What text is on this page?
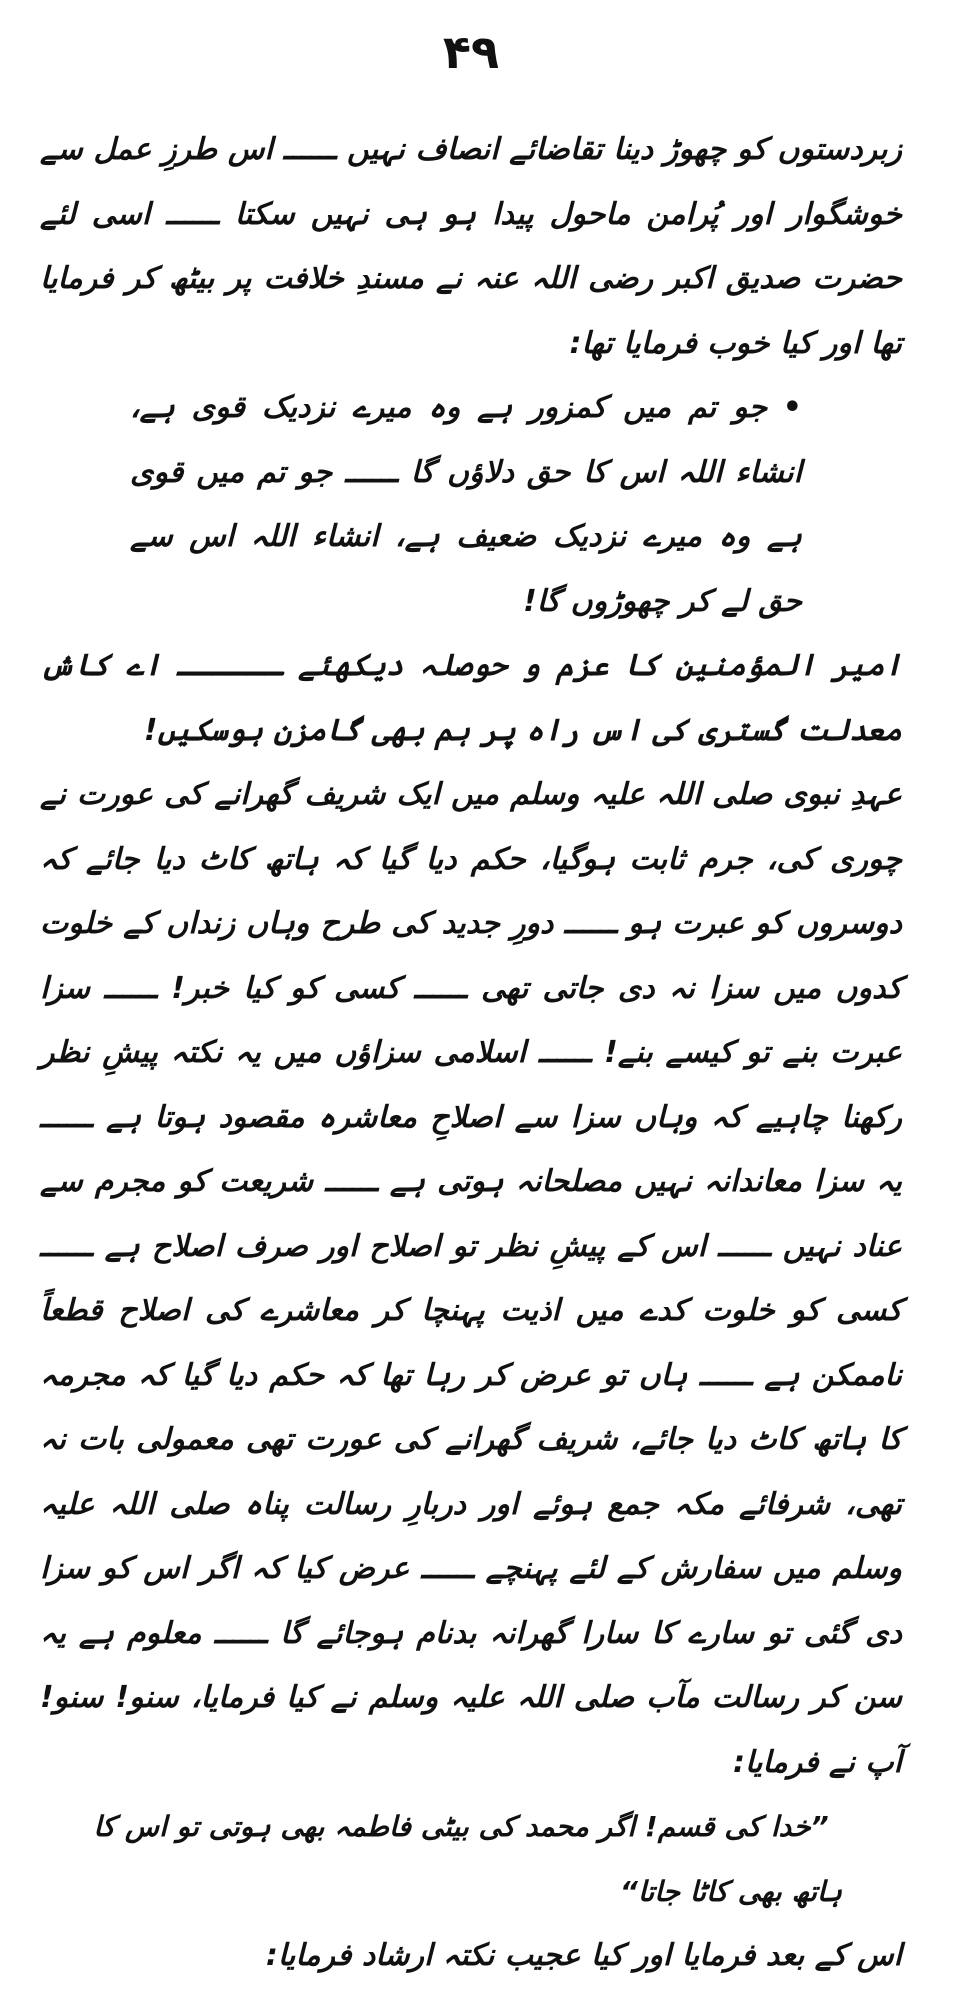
۴۹

زبردستوں کو چھوڑ دینا تقاضائے انصاف نہیں ــــــ اس طرزِ عمل سے خوشگوار اور پُرامن ماحول پیدا ہو ہی نہیں سکتا ــــــ اسی لئے حضرت صدیق اکبر رضی اللہ عنہ نے مسندِ خلافت پر بیٹھ کر فرمایا تھا اور کیا خوب فرمایا تھا:

• جو تم میں کمزور ہے وہ میرے نزدیک قوی ہے، انشاء اللہ اس کا حق دلاؤں گا ــــــ جو تم میں قوی ہے وہ میرے نزدیک ضعیف ہے، انشاء اللہ اس سے حق لے کر چھوڑوں گا!

امیر المؤمنین کا عزم و حوصلہ دیکھئے ــــــ اے کاش معدلت گستری کی اس راہ پر ہم بھی گامزن ہوسکیں!

عہدِ نبوی صلی اللہ علیہ وسلم میں ایک شریف گھرانے کی عورت نے چوری کی، جرم ثابت ہوگیا، حکم دیا گیا کہ ہاتھ کاٹ دیا جائے کہ دوسروں کو عبرت ہو ــــــ دورِ جدید کی طرح وہاں زنداں کے خلوت کدوں میں سزا نہ دی جاتی تھی ــــــ کسی کو کیا خبر! ــــــ سزا عبرت بنے تو کیسے بنے! ــــــ اسلامی سزاؤں میں یہ نکتہ پیشِ نظر رکھنا چاہیے کہ وہاں سزا سے اصلاحِ معاشرہ مقصود ہوتا ہے ــــــ یہ سزا معاندانہ نہیں مصلحانہ ہوتی ہے ــــــ شریعت کو مجرم سے عناد نہیں ــــــ اس کے پیشِ نظر تو اصلاح اور صرف اصلاح ہے ــــــ کسی کو خلوت کدے میں اذیت پہنچا کر معاشرے کی اصلاح قطعاً ناممکن ہے ــــــ ہاں تو عرض کر رہا تھا کہ حکم دیا گیا کہ مجرمہ کا ہاتھ کاٹ دیا جائے، شریف گھرانے کی عورت تھی معمولی بات نہ تھی، شرفائے مکہ جمع ہوئے اور دربارِ رسالت پناہ صلی اللہ علیہ وسلم میں سفارش کے لئے پہنچے ــــــ عرض کیا کہ اگر اس کو سزا دی گئی تو سارے کا سارا گھرانہ بدنام ہوجائے گا ــــــ معلوم ہے یہ سن کر رسالت مآب صلی اللہ علیہ وسلم نے کیا فرمایا، سنو! سنو! آپ نے فرمایا:

”خدا کی قسم! اگر محمد کی بیٹی فاطمہ بھی ہوتی تو اس کا ہاتھ بھی کاٹا جاتا“

اس کے بعد فرمایا اور کیا عجیب نکتہ ارشاد فرمایا:
